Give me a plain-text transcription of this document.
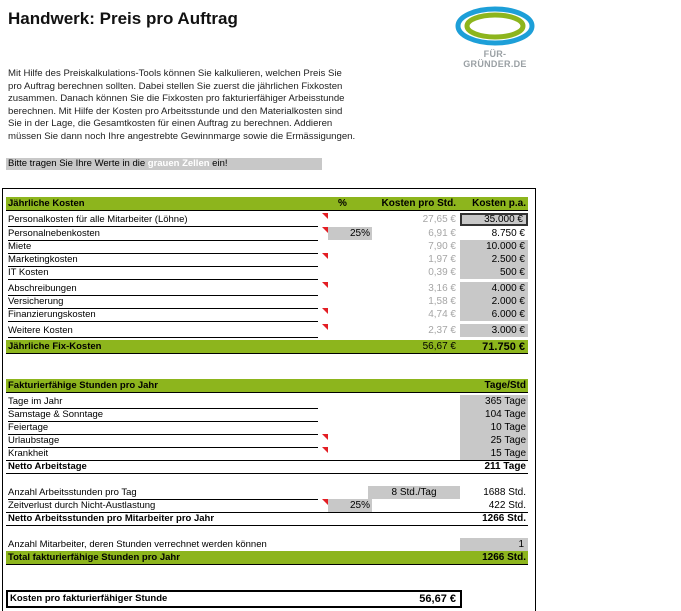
Handwerk: Preis pro Auftrag
FÜR-GRÜNDER.DE
Mit Hilfe des Preiskalkulations-Tools können Sie kalkulieren, welchen Preis Sie
pro Auftrag berechnen sollten. Dabei stellen Sie zuerst die jährlichen Fixkosten
zusammen. Danach können Sie die Fixkosten pro fakturierfähiger Arbeisstunde
berechnen. Mit Hilfe der Kosten pro Arbeitsstunde und den Materialkosten sind
Sie in der Lage, die Gesamtkosten für einen Auftrag zu berechnen. Addieren
müssen Sie dann noch Ihre angestrebte Gewinnmarge sowie die Ermässigungen.
Bitte tragen Sie Ihre Werte in die grauen Zellen ein!
Jährliche Kosten	%	Kosten pro Std.	Kosten p.a.
Personalkosten für alle Mitarbeiter (Löhne)	27,65 €	35.000 €
Personalnebenkosten	25%	6,91 €	8.750 €
Miete	7,90 €	10.000 €
Marketingkosten	1,97 €	2.500 €
IT Kosten	0,39 €	500 €
Abschreibungen	3,16 €	4.000 €
Versicherung	1,58 €	2.000 €
Finanzierungskosten	4,74 €	6.000 €
Weitere Kosten	2,37 €	3.000 €
Jährliche Fix-Kosten	56,67 €	71.750 €
Fakturierfähige Stunden pro Jahr	Tage/Std
Tage im Jahr	365 Tage
Samstage & Sonntage	104 Tage
Feiertage	10 Tage
Urlaubstage	25 Tage
Krankheit	15 Tage
Netto Arbeitstage	211 Tage
Anzahl Arbeitsstunden pro Tag	8 Std./Tag	1688 Std.
Zeitverlust durch Nicht-Austlastung	25%	422 Std.
Netto Arbeitsstunden pro Mitarbeiter pro Jahr	1266 Std.
Anzahl Mitarbeiter, deren Stunden verrechnet werden können	1
Total fakturierfähige Stunden pro Jahr	1266 Std.
Kosten pro fakturierfähiger Stunde	56,67 €
